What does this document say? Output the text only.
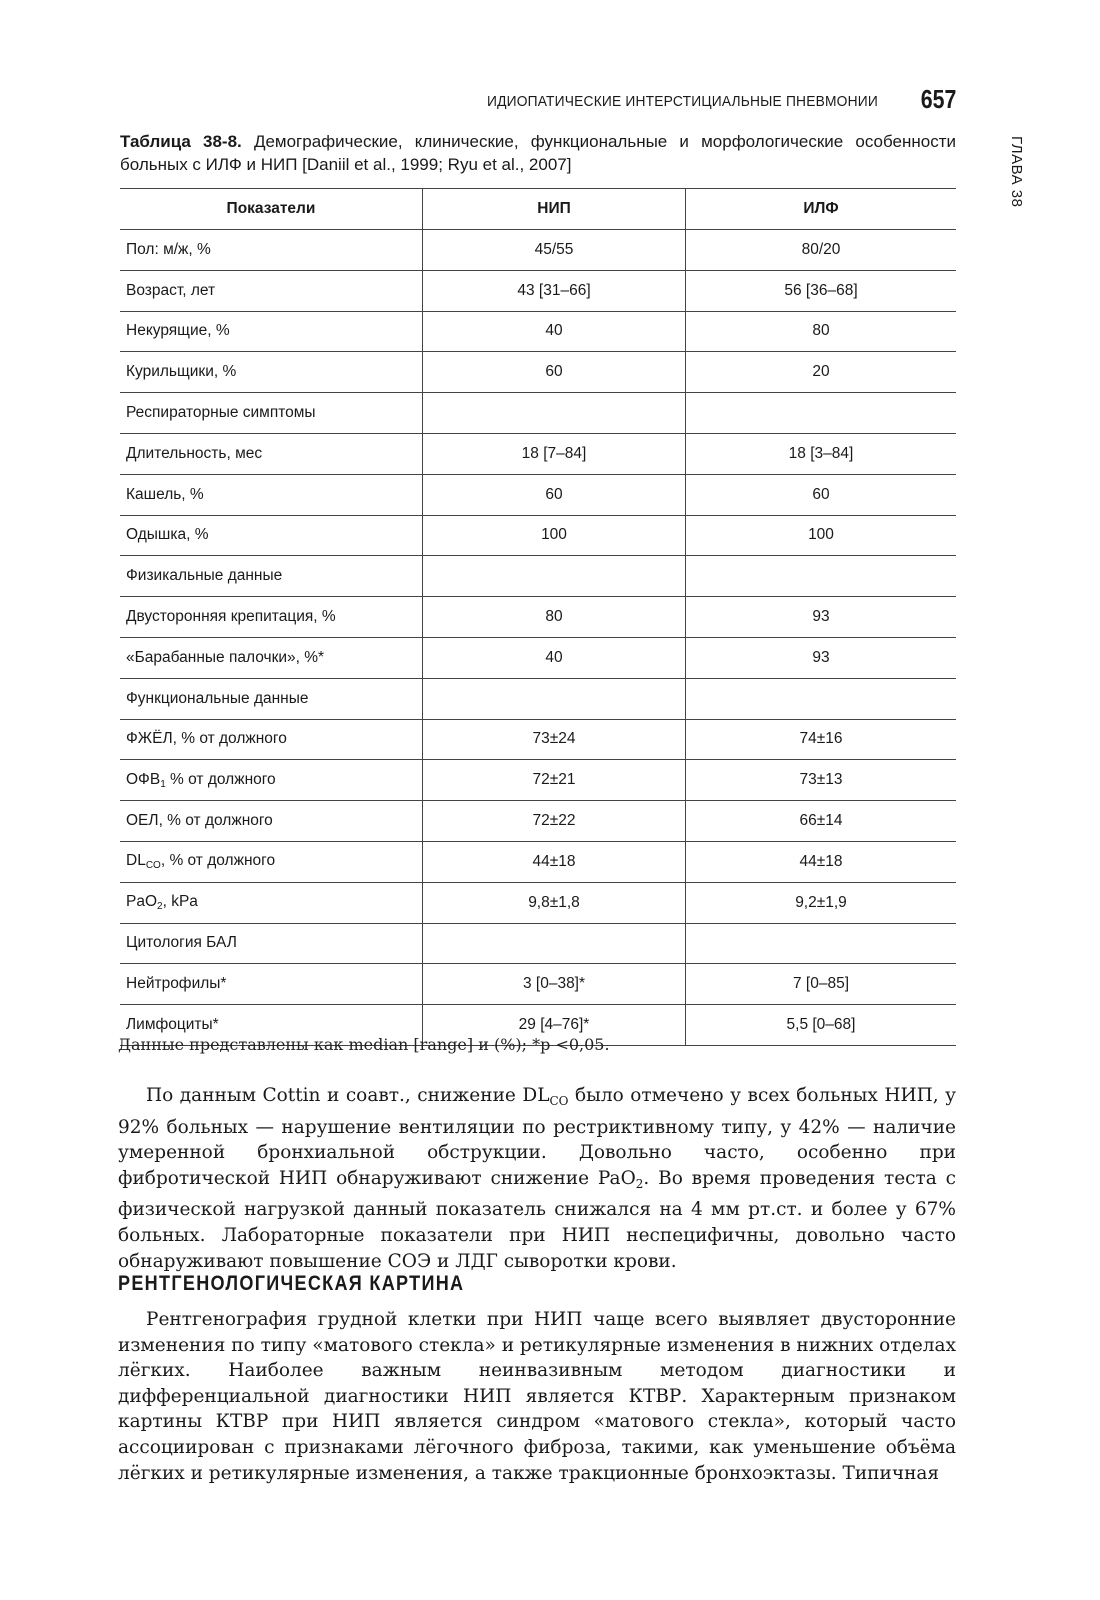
ИДИОПАТИЧЕСКИЕ ИНТЕРСТИЦИАЛЬНЫЕ ПНЕВМОНИИ 657
ГЛАВА 38
Таблица 38-8. Демографические, клинические, функциональные и морфологические особенности больных с ИЛФ и НИП [Daniil et al., 1999; Ryu et al., 2007]
Показатели	НИП	ИЛФ
Пол: м/ж, %	45/55	80/20
Возраст, лет	43 [31–66]	56 [36–68]
Некурящие, %	40	80
Курильщики, %	60	20
Респираторные симптомы		
Длительность, мес	18 [7–84]	18 [3–84]
Кашель, %	60	60
Одышка, %	100	100
Физикальные данные		
Двусторонняя крепитация, %	80	93
«Барабанные палочки», %*	40	93
Функциональные данные		
ФЖЁЛ, % от должного	73±24	74±16
$ОФВ_1$ % от должного	72±21	73±13
ОЕЛ, % от должного	72±22	66±14
$DL_{CO}$, % от должного	44±18	44±18
PaO$_2$, kPa	9,8±1,8	9,2±1,9
Цитология БАЛ		
Нейтрофилы*	3 [0–38]*	7 [0–85]
Лимфоциты*	29 [4–76]*	5,5 [0–68]
Данные представлены как median [range] и (%); *p <0,05.

По данным Cottin и соавт., снижение $DL_{CO}$ было отмечено у всех больных НИП, у 92% больных — нарушение вентиляции по рестриктивному типу, у 42% — наличие умеренной бронхиальной обструкции. Довольно часто, особенно при фибротической НИП обнаруживают снижение PaO$_2$. Во время проведения теста с физической нагрузкой данный показатель снижался на 4 мм рт.ст. и более у 67% больных. Лабораторные показатели при НИП неспецифичны, довольно часто обнаруживают повышение СОЭ и ЛДГ сыворотки крови.

РЕНТГЕНОЛОГИЧЕСКАЯ КАРТИНА

Рентгенография грудной клетки при НИП чаще всего выявляет двусторонние изменения по типу «матового стекла» и ретикулярные изменения в нижних отделах лёгких. Наиболее важным неинвазивным методом диагностики и дифференциальной диагностики НИП является КТВР. Характерным признаком картины КТВР при НИП является синдром «матового стекла», который часто ассоциирован с признаками лёгочного фиброза, такими, как уменьшение объёма лёгких и ретикулярные изменения, а также тракционные бронхоэктазы. Типичная
